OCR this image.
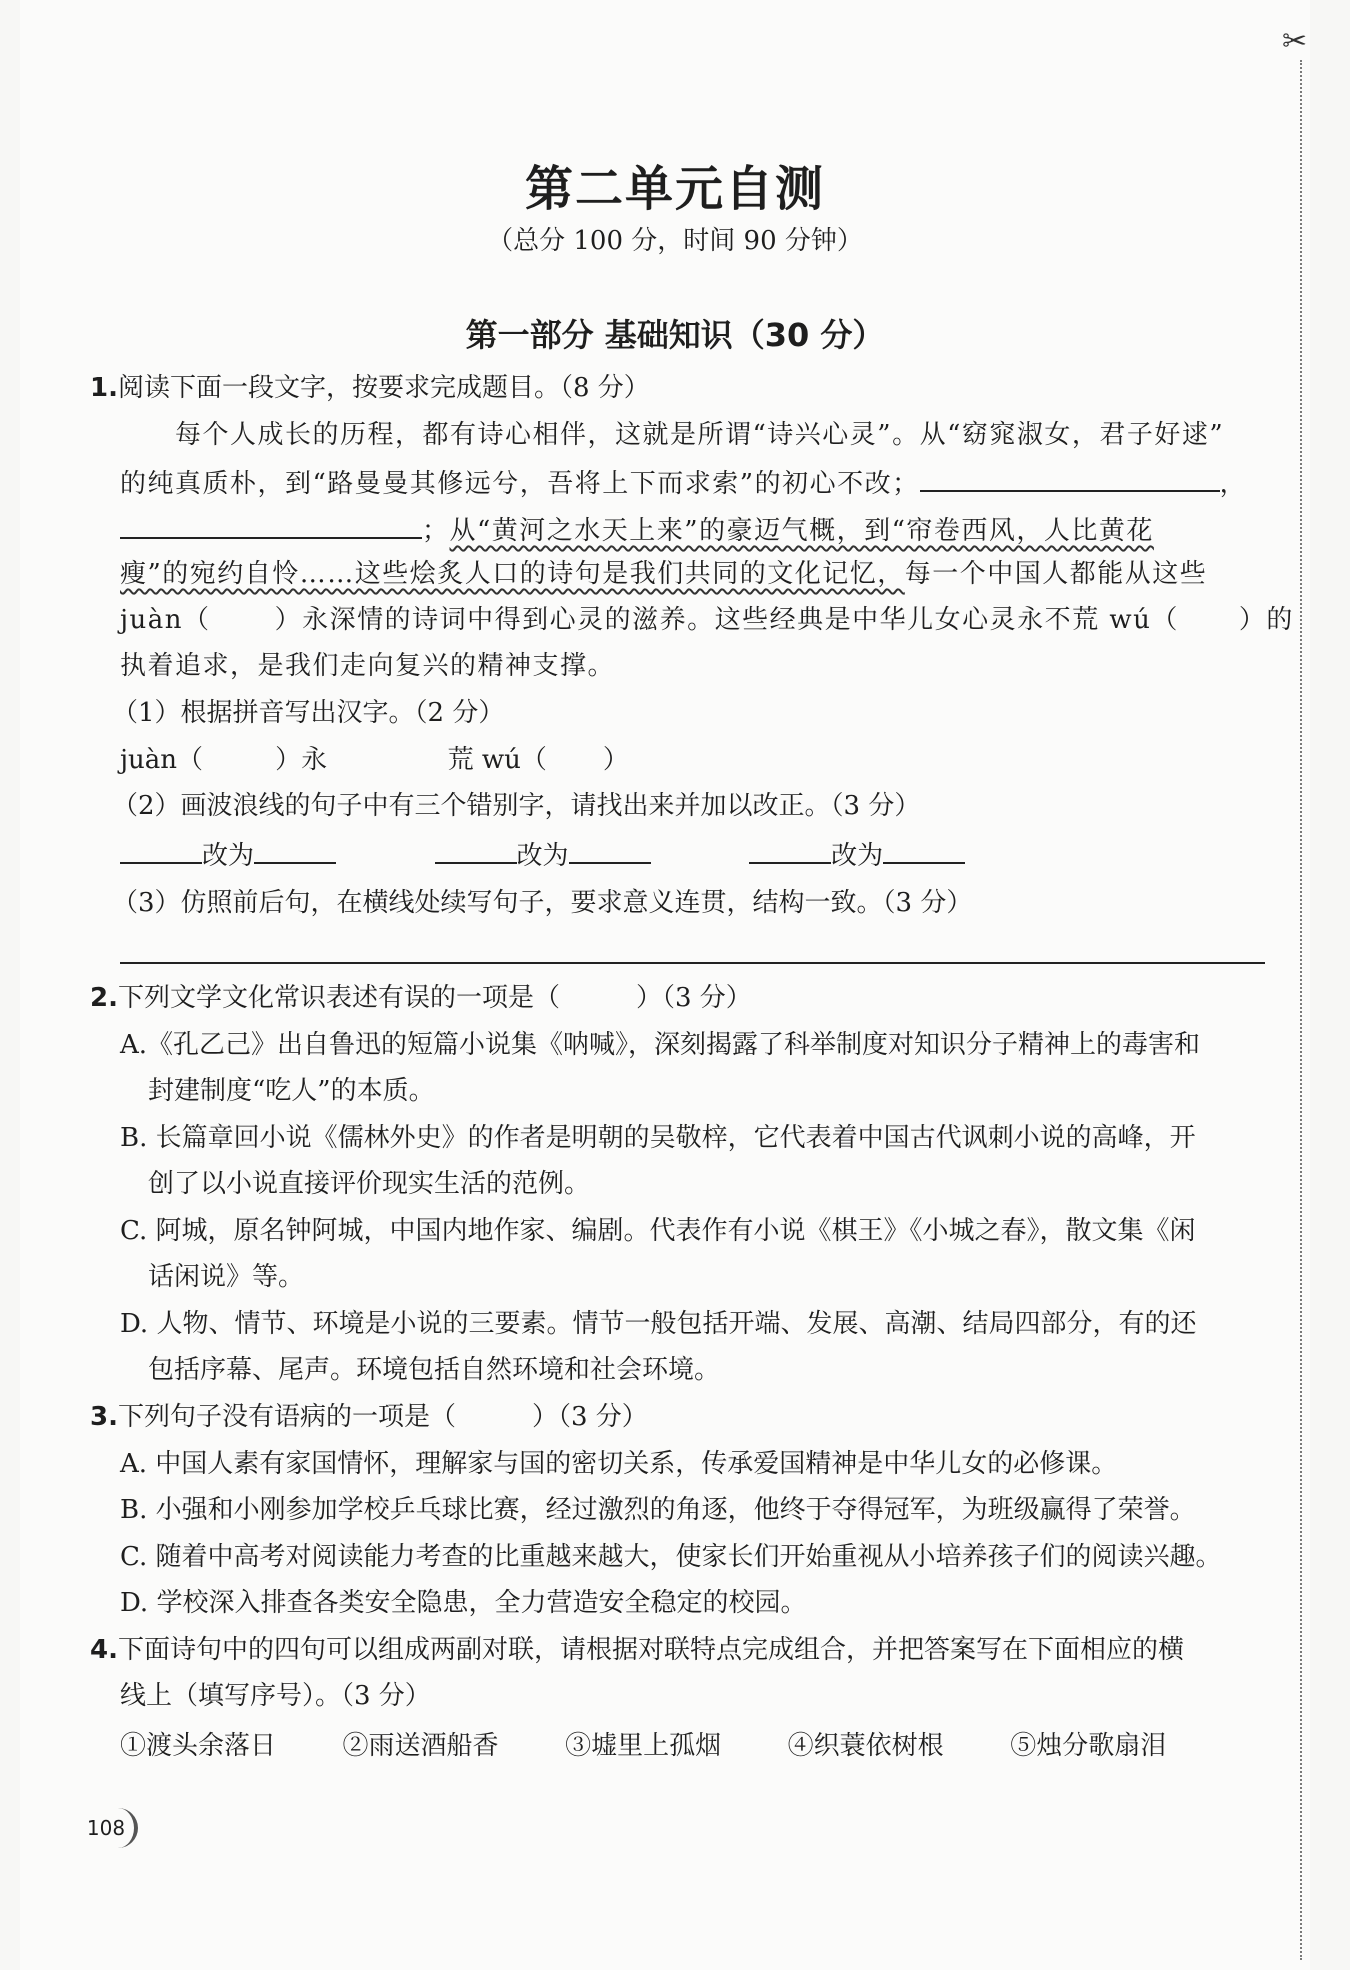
✂
第二单元自测
（总分 100 分，时间 90 分钟）
第一部分 基础知识（30 分）
1.阅读下面一段文字，按要求完成题目。（8 分）
每个人成长的历程，都有诗心相伴，这就是所谓“诗兴心灵”。从“窈窕淑女，君子好逑”
的纯真质朴，到“路曼曼其修远兮，吾将上下而求索”的初心不改；	，
；从“黄河之水天上来”的豪迈气概，到“帘卷西风，人比黄花
瘦”的宛约自怜……这些烩炙人口的诗句是我们共同的文化记忆，每一个中国人都能从这些
juàn（ ）永深情的诗词中得到心灵的滋养。这些经典是中华儿女心灵永不荒 wú（ ）的
执着追求，是我们走向复兴的精神支撑。
（1）根据拼音写出汉字。（2 分）
juàn（	）永	荒 wú（ ）
（2）画波浪线的句子中有三个错别字，请找出来并加以改正。（3 分）
改为	改为	改为
（3）仿照前后句，在横线处续写句子，要求意义连贯，结构一致。（3 分）
2.下列文学文化常识表述有误的一项是（	）（3 分）
A.《孔乙己》出自鲁迅的短篇小说集《呐喊》，深刻揭露了科举制度对知识分子精神上的毒害和
封建制度“吃人”的本质。
B. 长篇章回小说《儒林外史》的作者是明朝的吴敬梓，它代表着中国古代讽刺小说的高峰，开
创了以小说直接评价现实生活的范例。
C. 阿城，原名钟阿城，中国内地作家、编剧。代表作有小说《棋王》《小城之春》，散文集《闲
话闲说》等。
D. 人物、情节、环境是小说的三要素。情节一般包括开端、发展、高潮、结局四部分，有的还
包括序幕、尾声。环境包括自然环境和社会环境。
3.下列句子没有语病的一项是（	）（3 分）
A. 中国人素有家国情怀，理解家与国的密切关系，传承爱国精神是中华儿女的必修课。
B. 小强和小刚参加学校乒乓球比赛，经过激烈的角逐，他终于夺得冠军，为班级赢得了荣誉。
C. 随着中高考对阅读能力考查的比重越来越大，使家长们开始重视从小培养孩子们的阅读兴趣。
D. 学校深入排查各类安全隐患，全力营造安全稳定的校园。
4.下面诗句中的四句可以组成两副对联，请根据对联特点完成组合，并把答案写在下面相应的横
线上（填写序号）。（3 分）
①渡头余落日	②雨送酒船香	③墟里上孤烟	④织蓑依树根	⑤烛分歌扇泪
108
